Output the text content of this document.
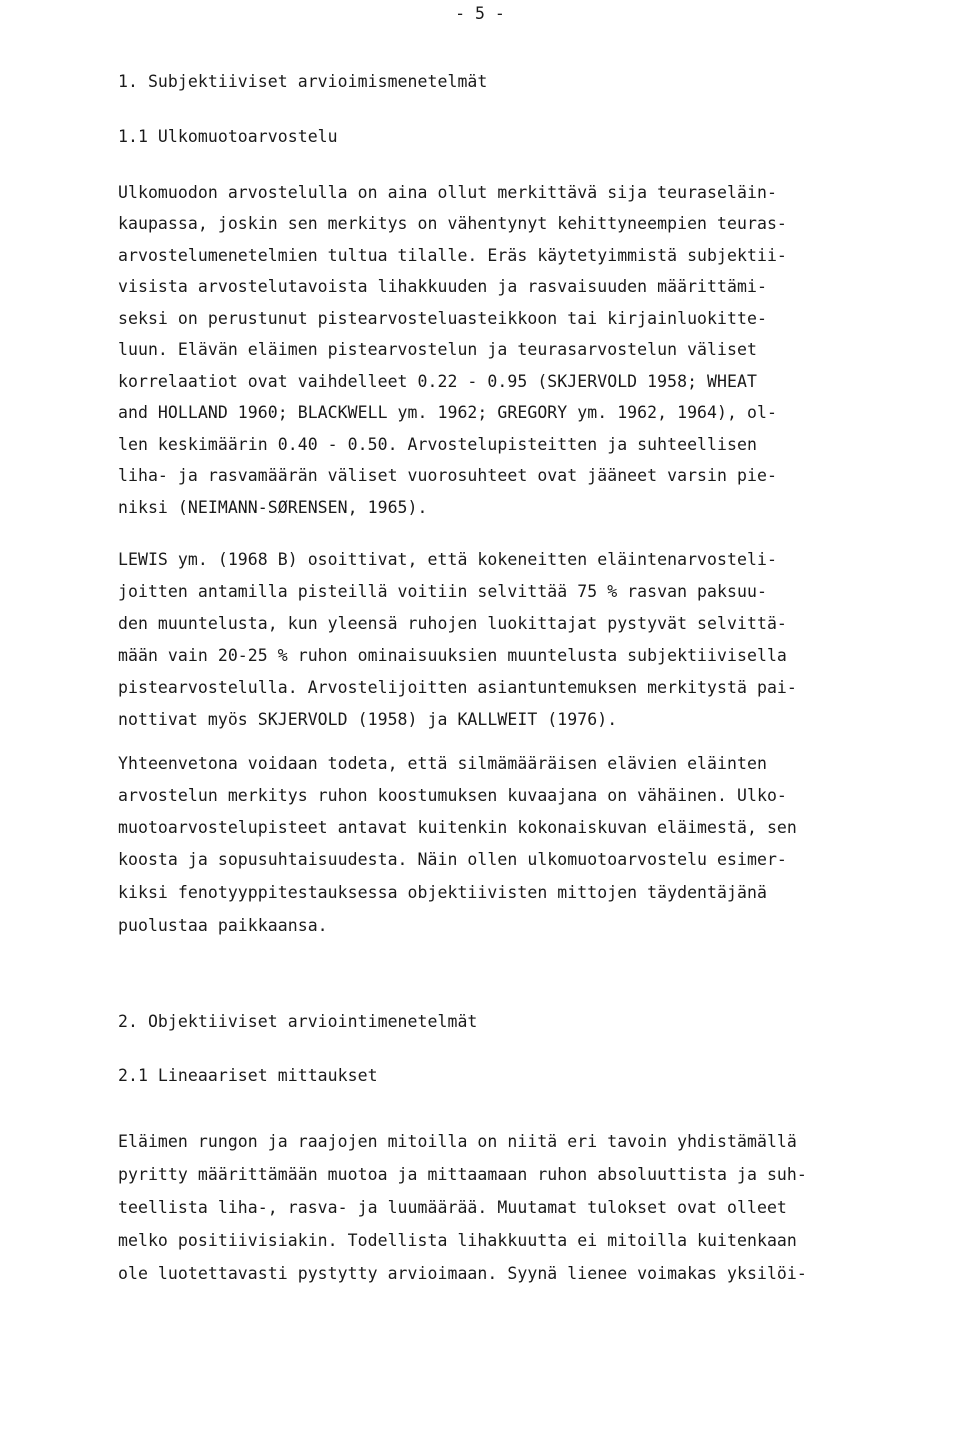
- 5 -
1. Subjektiiviset arvioimismenetelmät
1.1 Ulkomuotoarvostelu
Ulkomuodon arvostelulla on aina ollut merkittävä sija teuraseläin-
kaupassa, joskin sen merkitys on vähentynyt kehittyneempien teuras-
arvostelumenetelmien tultua tilalle. Eräs käytetyimmistä subjektii-
visista arvostelutavoista lihakkuuden ja rasvaisuuden määrittämi-
seksi on perustunut pistearvosteluasteikkoon tai kirjainluokitte-
luun. Elävän eläimen pistearvostelun ja teurasarvostelun väliset
korrelaatiot ovat vaihdelleet 0.22 - 0.95 (SKJERVOLD 1958; WHEAT
and HOLLAND 1960; BLACKWELL ym. 1962; GREGORY ym. 1962, 1964), ol-
len keskimäärin 0.40 - 0.50. Arvostelupisteitten ja suhteellisen
liha- ja rasvamäärän väliset vuorosuhteet ovat jääneet varsin pie-
niksi (NEIMANN-SØRENSEN, 1965).
LEWIS ym. (1968 B) osoittivat, että kokeneitten eläintenarvosteli-
joitten antamilla pisteillä voitiin selvittää 75 % rasvan paksuu-
den muuntelusta, kun yleensä ruhojen luokittajat pystyvät selvittä-
mään vain 20-25 % ruhon ominaisuuksien muuntelusta subjektiivisella
pistearvostelulla. Arvostelijoitten asiantuntemuksen merkitystä pai-
nottivat myös SKJERVOLD (1958) ja KALLWEIT (1976).
Yhteenvetona voidaan todeta, että silmämääräisen elävien eläinten
arvostelun merkitys ruhon koostumuksen kuvaajana on vähäinen. Ulko-
muotoarvostelupisteet antavat kuitenkin kokonaiskuvan eläimestä, sen
koosta ja sopusuhtaisuudesta. Näin ollen ulkomuotoarvostelu esimer-
kiksi fenotyyppitestauksessa objektiivisten mittojen täydentäjänä
puolustaa paikkaansa.
2. Objektiiviset arviointimenetelmät
2.1 Lineaariset mittaukset
Eläimen rungon ja raajojen mitoilla on niitä eri tavoin yhdistämällä
pyritty määrittämään muotoa ja mittaamaan ruhon absoluuttista ja suh-
teellista liha-, rasva- ja luumäärää. Muutamat tulokset ovat olleet
melko positiivisiakin. Todellista lihakkuutta ei mitoilla kuitenkaan
ole luotettavasti pystytty arvioimaan. Syynä lienee voimakas yksilöi-
